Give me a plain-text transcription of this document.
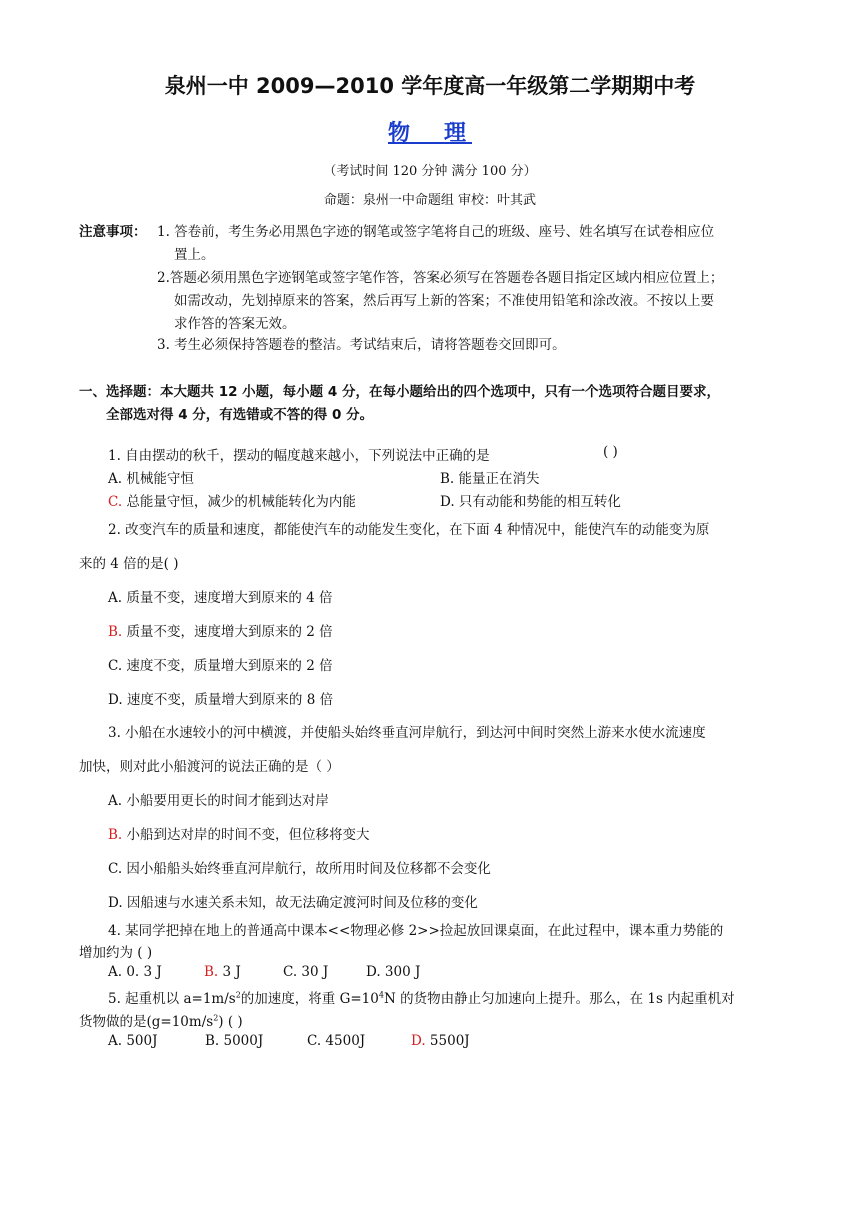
泉州一中 2009—2010 学年度高一年级第二学期期中考
物　理
（考试时间 120 分钟 满分 100 分）
命题：泉州一中命题组 审校：叶其武
注意事项： 1. 答卷前，考生务必用黑色字迹的钢笔或签字笔将自己的班级、座号、姓名填写在试卷相应位
置上。
2.答题必须用黑色字迹钢笔或签字笔作答，答案必须写在答题卷各题目指定区域内相应位置上；
如需改动，先划掉原来的答案，然后再写上新的答案；不准使用铅笔和涂改液。不按以上要
求作答的答案无效。
3. 考生必须保持答题卷的整洁。考试结束后，请将答题卷交回即可。
一、选择题：本大题共 12 小题，每小题 4 分，在每小题给出的四个选项中，只有一个选项符合题目要求，
全部选对得 4 分，有选错或不答的得 0 分。
1. 自由摆动的秋千，摆动的幅度越来越小，下列说法中正确的是	( )
A. 机械能守恒	B. 能量正在消失
C. 总能量守恒，减少的机械能转化为内能	D. 只有动能和势能的相互转化
2. 改变汽车的质量和速度，都能使汽车的动能发生变化，在下面 4 种情况中，能使汽车的动能变为原
来的 4 倍的是( )
A. 质量不变，速度增大到原来的 4 倍
B. 质量不变，速度增大到原来的 2 倍
C. 速度不变，质量增大到原来的 2 倍
D. 速度不变，质量增大到原来的 8 倍
3. 小船在水速较小的河中横渡，并使船头始终垂直河岸航行，到达河中间时突然上游来水使水流速度
加快，则对此小船渡河的说法正确的是（ ）
A. 小船要用更长的时间才能到达对岸
B. 小船到达对岸的时间不变，但位移将变大
C. 因小船船头始终垂直河岸航行，故所用时间及位移都不会变化
D. 因船速与水速关系未知，故无法确定渡河时间及位移的变化
4. 某同学把掉在地上的普通高中课本<<物理必修 2>>捡起放回课桌面，在此过程中，课本重力势能的
增加约为 ( )
A. 0. 3 J	B. 3 J	C. 30 J	D. 300 J
5. 起重机以 $a=1m/s^2$的加速度，将重 $G=10^4N$ 的货物由静止匀加速向上提升。那么，在 1s 内起重机对
货物做的是$(g=10m/s^2)$ ( )
A. 500J	B. 5000J	C. 4500J	D. 5500J
